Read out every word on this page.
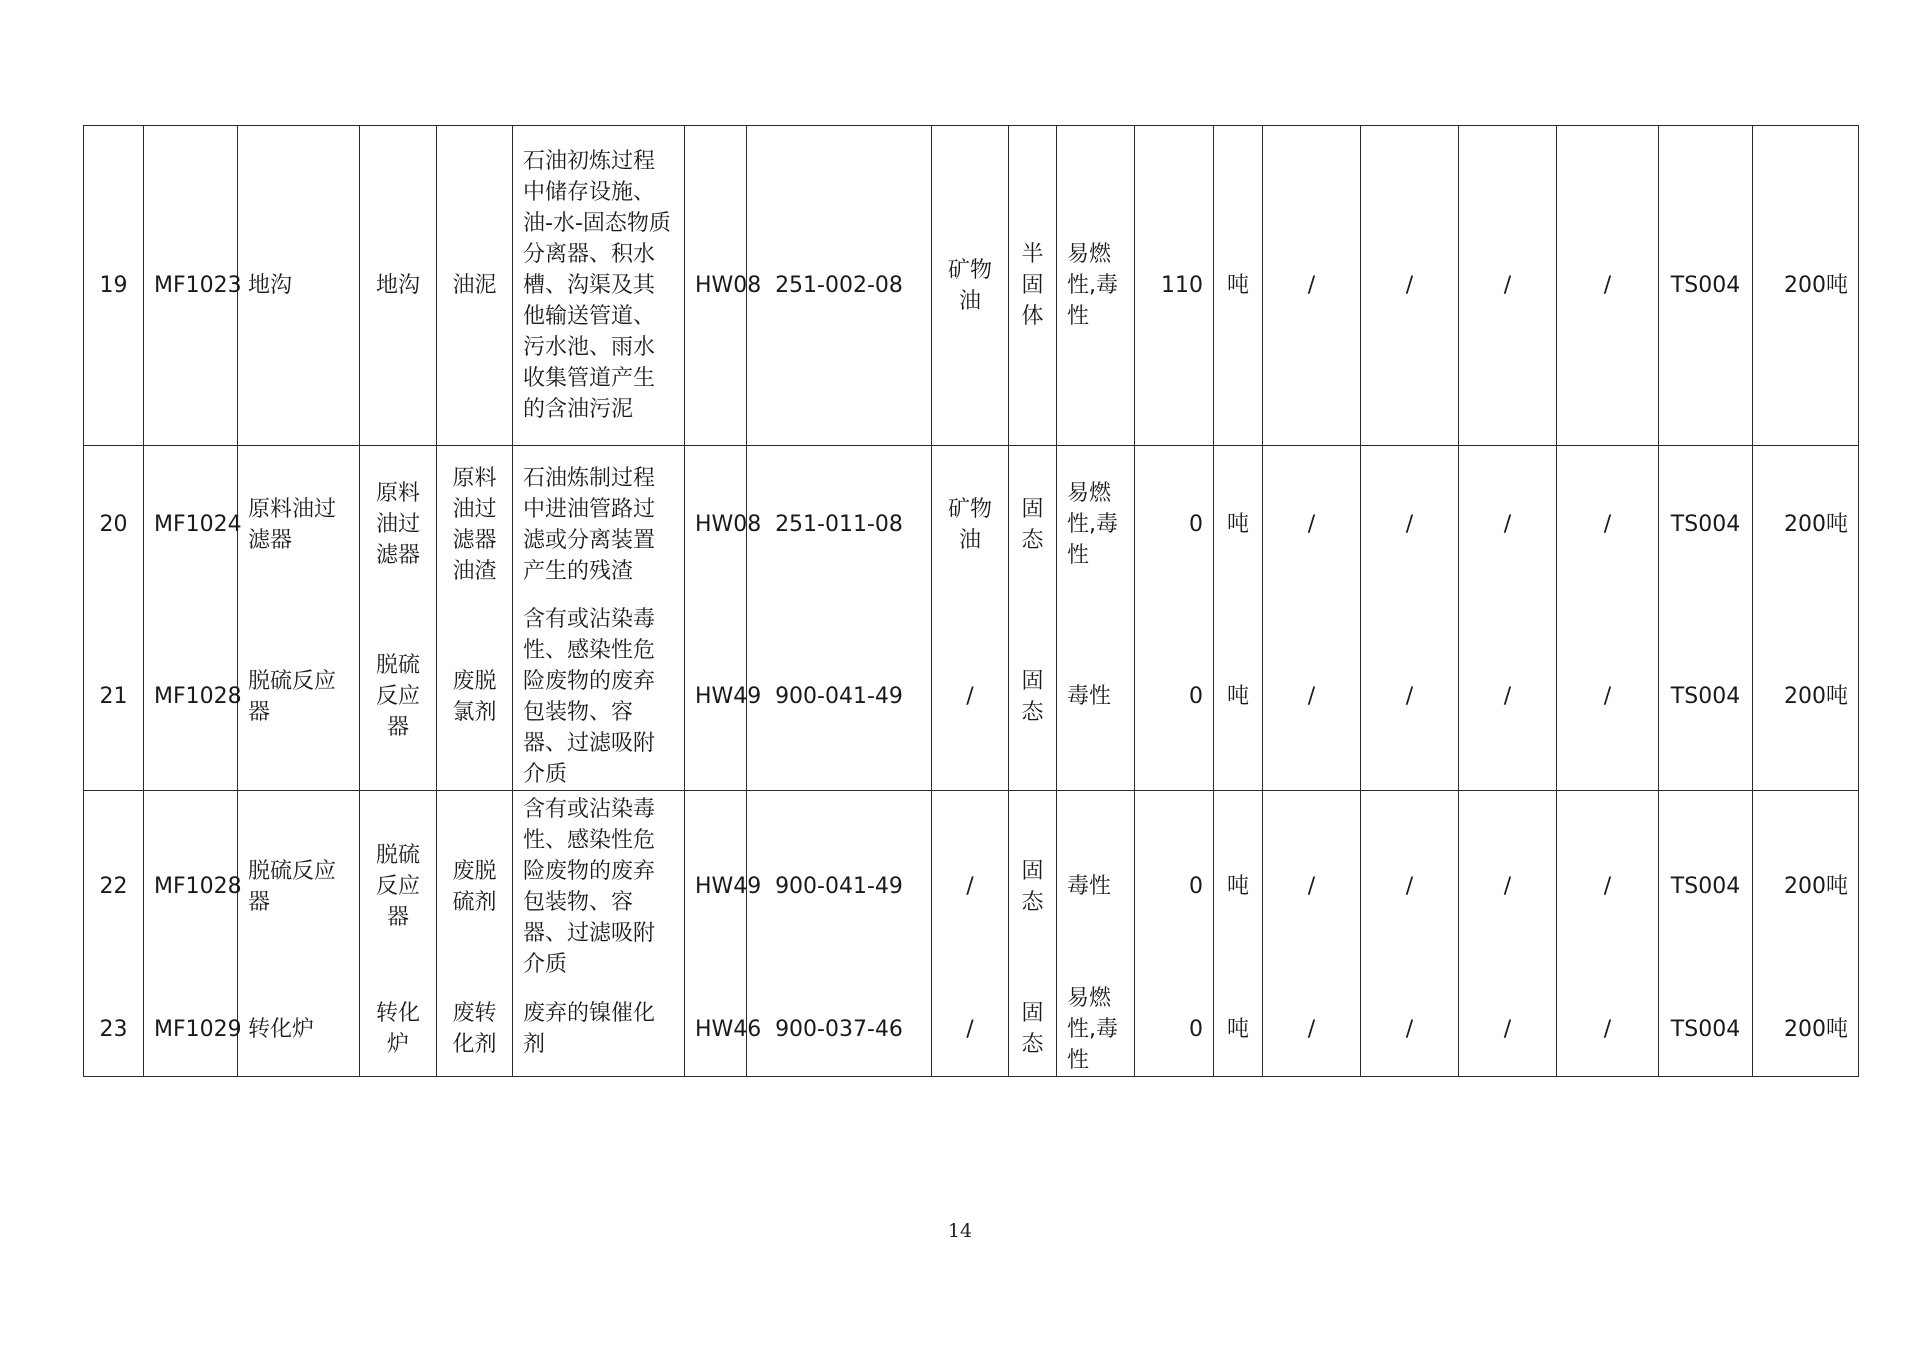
19	MF1023	地沟	地沟	油泥	石油初炼过程中储存设施、油-水-固态物质分离器、积水槽、沟渠及其他输送管道、污水池、雨水收集管道产生的含油污泥	HW08	251-002-08	矿物油	半固体	易燃性,毒性	110	吨	/	/	/	/	TS004	200吨
20	MF1024	原料油过滤器	原料油过滤器	原料油过滤器油渣	石油炼制过程中进油管路过滤或分离装置产生的残渣	HW08	251-011-08	矿物油	固态	易燃性,毒性	0	吨	/	/	/	/	TS004	200吨
21	MF1028	脱硫反应器	脱硫反应器	废脱氯剂	含有或沾染毒性、感染性危险废物的废弃包装物、容器、过滤吸附介质	HW49	900-041-49	/	固态	毒性	0	吨	/	/	/	/	TS004	200吨
22	MF1028	脱硫反应器	脱硫反应器	废脱硫剂	含有或沾染毒性、感染性危险废物的废弃包装物、容器、过滤吸附介质	HW49	900-041-49	/	固态	毒性	0	吨	/	/	/	/	TS004	200吨
23	MF1029	转化炉	转化炉	废转化剂	废弃的镍催化剂	HW46	900-037-46	/	固态	易燃性,毒性	0	吨	/	/	/	/	TS004	200吨
14
